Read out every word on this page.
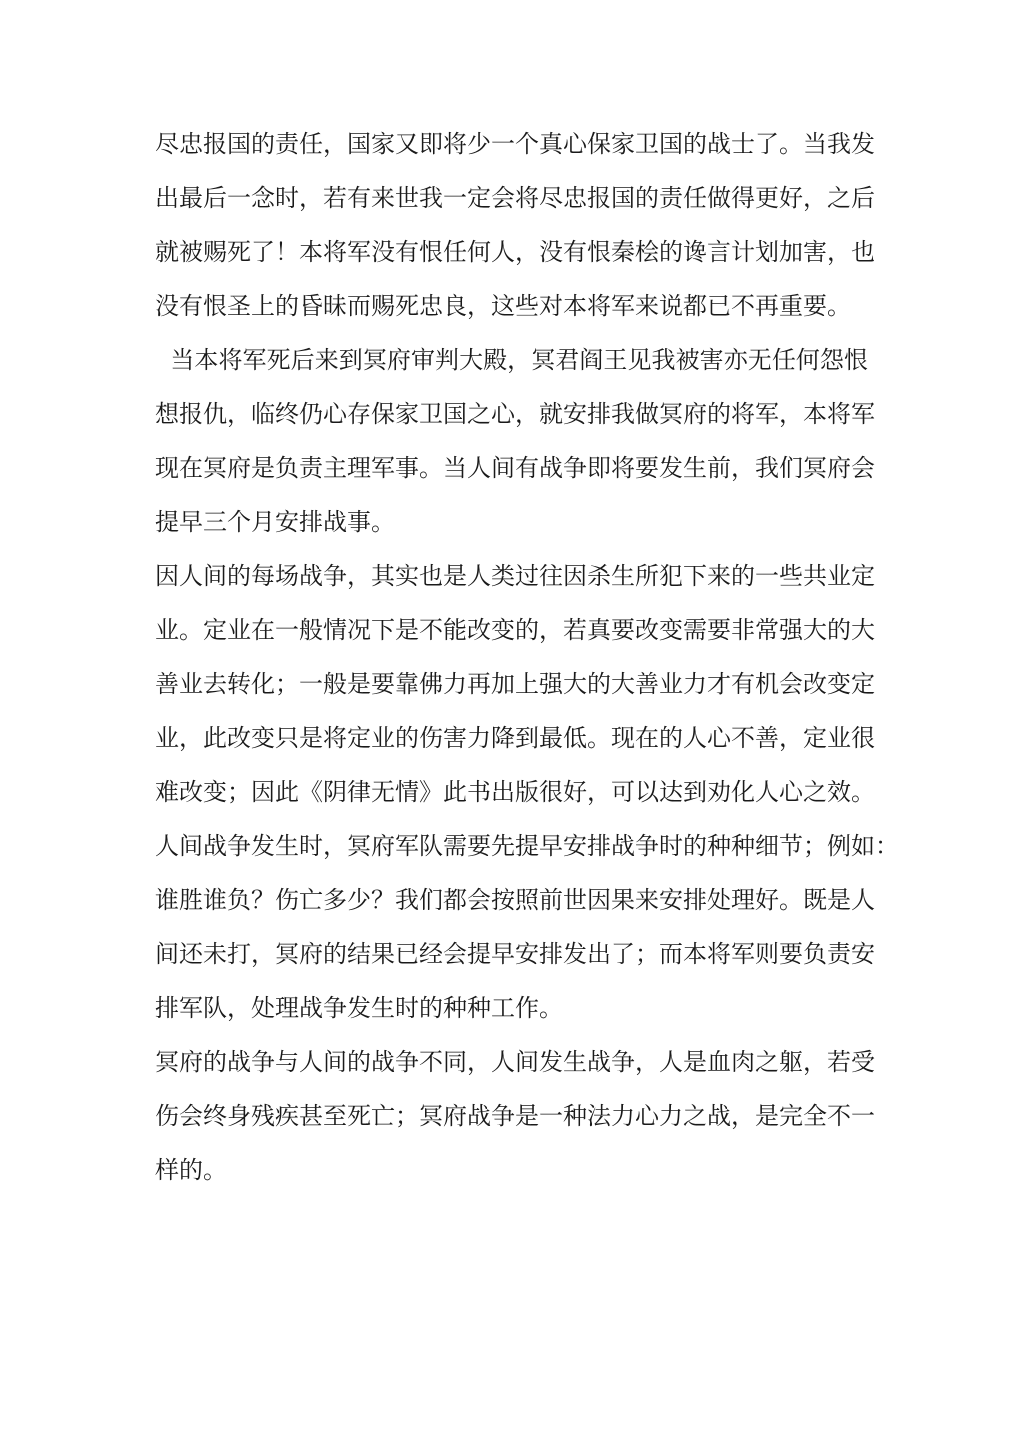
尽忠报国的责任，国家又即将少一个真心保家卫国的战士了。当我发
出最后一念时，若有来世我一定会将尽忠报国的责任做得更好，之后
就被赐死了！本将军没有恨任何人，没有恨秦桧的谗言计划加害，也
没有恨圣上的昏昧而赐死忠良，这些对本将军来说都已不再重要。
当本将军死后来到冥府审判大殿，冥君阎王见我被害亦无任何怨恨
想报仇，临终仍心存保家卫国之心，就安排我做冥府的将军，本将军
现在冥府是负责主理军事。当人间有战争即将要发生前，我们冥府会
提早三个月安排战事。
因人间的每场战争，其实也是人类过往因杀生所犯下来的一些共业定
业。定业在一般情况下是不能改变的，若真要改变需要非常强大的大
善业去转化；一般是要靠佛力再加上强大的大善业力才有机会改变定
业，此改变只是将定业的伤害力降到最低。现在的人心不善，定业很
难改变；因此《阴律无情》此书出版很好，可以达到劝化人心之效。
人间战争发生时，冥府军队需要先提早安排战争时的种种细节；例如：
谁胜谁负？伤亡多少？我们都会按照前世因果来安排处理好。既是人
间还未打，冥府的结果已经会提早安排发出了；而本将军则要负责安
排军队，处理战争发生时的种种工作。
冥府的战争与人间的战争不同，人间发生战争，人是血肉之躯，若受
伤会终身残疾甚至死亡；冥府战争是一种法力心力之战，是完全不一
样的。
